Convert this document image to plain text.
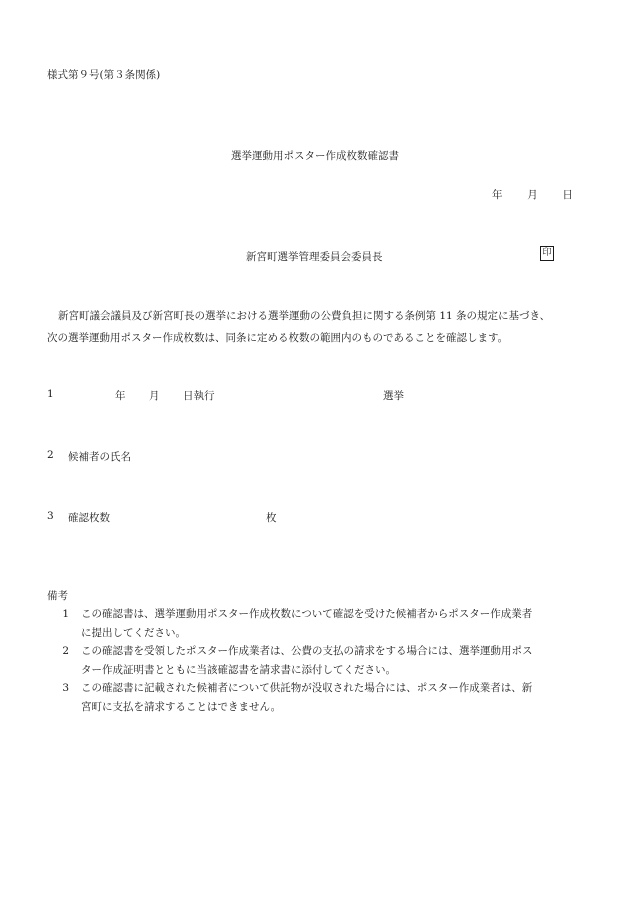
様式第９号(第３条関係)
選挙運動用ポスター作成枚数確認書
年 月 日
新宮町選挙管理委員会委員長	印

新宮町議会議員及び新宮町長の選挙における選挙運動の公費負担に関する条例第 11 条の規定に基づき、

次の選挙運動用ポスター作成枚数は、同条に定める枚数の範囲内のものであることを確認します。

1	年 月 日執行	選挙
2 候補者の氏名
3 確認枚数	枚
備考
1	この確認書は、選挙運動用ポスター作成枚数について確認を受けた候補者からポスター作成業者
に提出してください。
2	この確認書を受領したポスター作成業者は、公費の支払の請求をする場合には、選挙運動用ポス
ター作成証明書とともに当該確認書を請求書に添付してください。
3	この確認書に記載された候補者について供託物が没収された場合には、ポスター作成業者は、新
宮町に支払を請求することはできません。
